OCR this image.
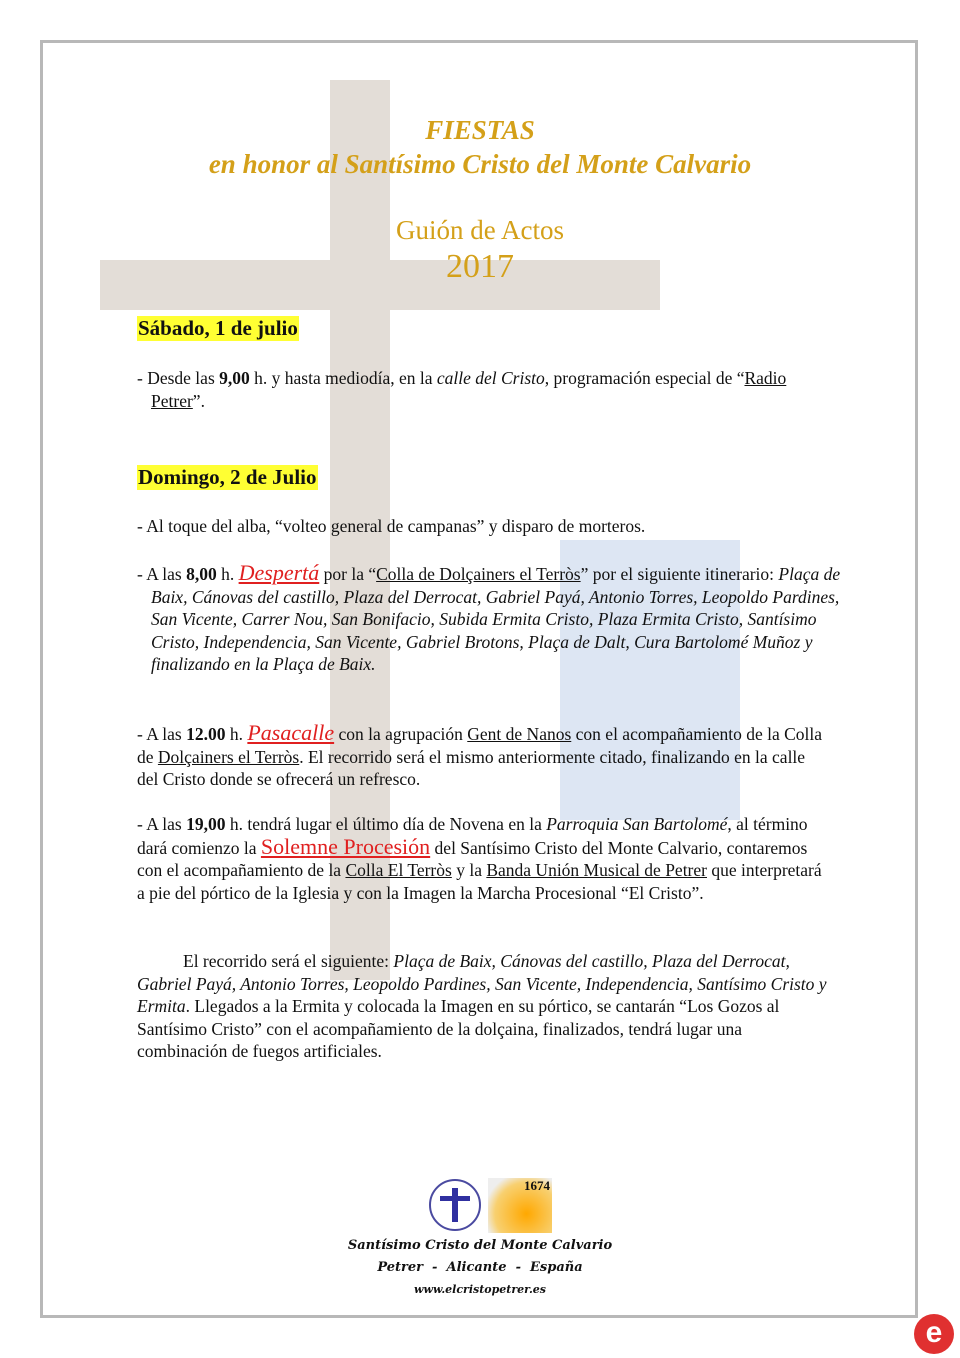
FIESTAS
en honor al Santísimo Cristo del Monte Calvario
Guión de Actos
2017
Sábado, 1 de julio
- Desde las 9,00 h. y hasta mediodía, en la calle del Cristo, programación especial de “Radio Petrer”.
Domingo, 2 de Julio
- Al toque del alba, “volteo general de campanas” y disparo de morteros.
- A las 8,00 h. Despertá por la “Colla de Dolçainers el Terròs” por el siguiente itinerario: Plaça de Baix, Cánovas del castillo, Plaza del Derrocat, Gabriel Payá, Antonio Torres, Leopoldo Pardines, San Vicente, Carrer Nou, San Bonifacio, Subida Ermita Cristo, Plaza Ermita Cristo, Santísimo Cristo, Independencia, San Vicente, Gabriel Brotons, Plaça de Dalt, Cura Bartolomé Muñoz y finalizando en la Plaça de Baix.
- A las 12.00 h. Pasacalle con la agrupación Gent de Nanos con el acompañamiento de la Colla de Dolçainers el Terròs. El recorrido será el mismo anteriormente citado, finalizando en la calle del Cristo donde se ofrecerá un refresco.
- A las 19,00 h. tendrá lugar el último día de Novena en la Parroquia San Bartolomé, al término dará comienzo la Solemne Procesión del Santísimo Cristo del Monte Calvario, contaremos con el acompañamiento de la Colla El Terròs y la Banda Unión Musical de Petrer que interpretará a pie del pórtico de la Iglesia y con la Imagen la Marcha Procesional “El Cristo”.
El recorrido será el siguiente: Plaça de Baix, Cánovas del castillo, Plaza del Derrocat, Gabriel Payá, Antonio Torres, Leopoldo Pardines, San Vicente, Independencia, Santísimo Cristo y Ermita. Llegados a la Ermita y colocada la Imagen en su pórtico, se cantarán “Los Gozos al Santísimo Cristo” con el acompañamiento de la dolçaina, finalizados, tendrá lugar una combinación de fuegos artificiales.
1674
Santísimo Cristo del Monte Calvario
Petrer  -  Alicante  -  España
www.elcristopetrer.es
e
